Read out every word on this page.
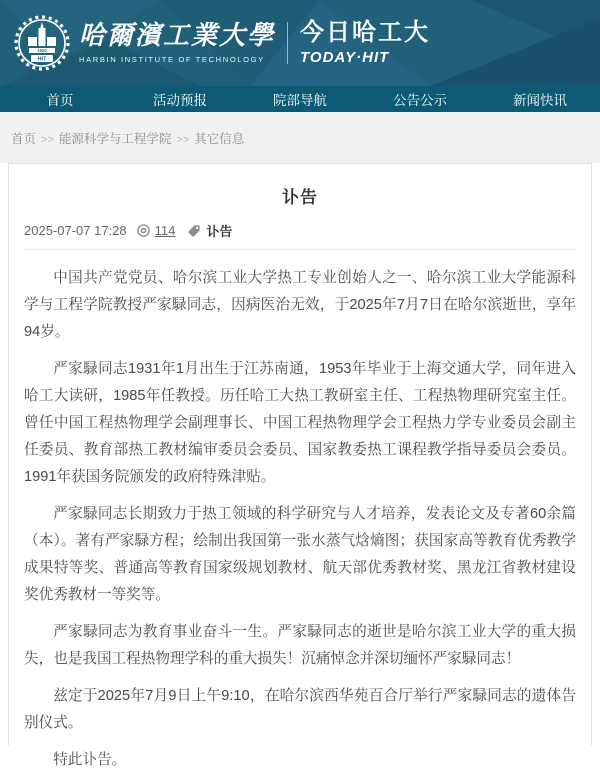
1920
HIT
哈爾濱工業大學
HARBIN INSTITUTE OF TECHNOLOGY
今日哈工大
TODAY·HIT
首页	活动预报	院部导航	公告公示	新闻快讯
首页 >> 能源科学与工程学院 >> 其它信息
讣告
2025-07-07 17:28 114 讣告

中国共产党党员、哈尔滨工业大学热工专业创始人之一、哈尔滨工业大学能源科学与工程学院教授严家騄同志，因病医治无效，于2025年7月7日在哈尔滨逝世，享年94岁。

严家騄同志1931年1月出生于江苏南通，1953年毕业于上海交通大学，同年进入哈工大读研，1985年任教授。历任哈工大热工教研室主任、工程热物理研究室主任。曾任中国工程热物理学会副理事长、中国工程热物理学会工程热力学专业委员会副主任委员、教育部热工教材编审委员会委员、国家教委热工课程教学指导委员会委员。1991年获国务院颁发的政府特殊津贴。

严家騄同志长期致力于热工领域的科学研究与人才培养，发表论文及专著60余篇（本）。著有严家騄方程；绘制出我国第一张水蒸气焓熵图；获国家高等教育优秀教学成果特等奖、普通高等教育国家级规划教材、航天部优秀教材奖、黑龙江省教材建设奖优秀教材一等奖等。

严家騄同志为教育事业奋斗一生。严家騄同志的逝世是哈尔滨工业大学的重大损失，也是我国工程热物理学科的重大损失！沉痛悼念并深切缅怀严家騄同志！

兹定于2025年7月9日上午9:10，在哈尔滨西华苑百合厅举行严家騄同志的遗体告别仪式。

特此讣告。
